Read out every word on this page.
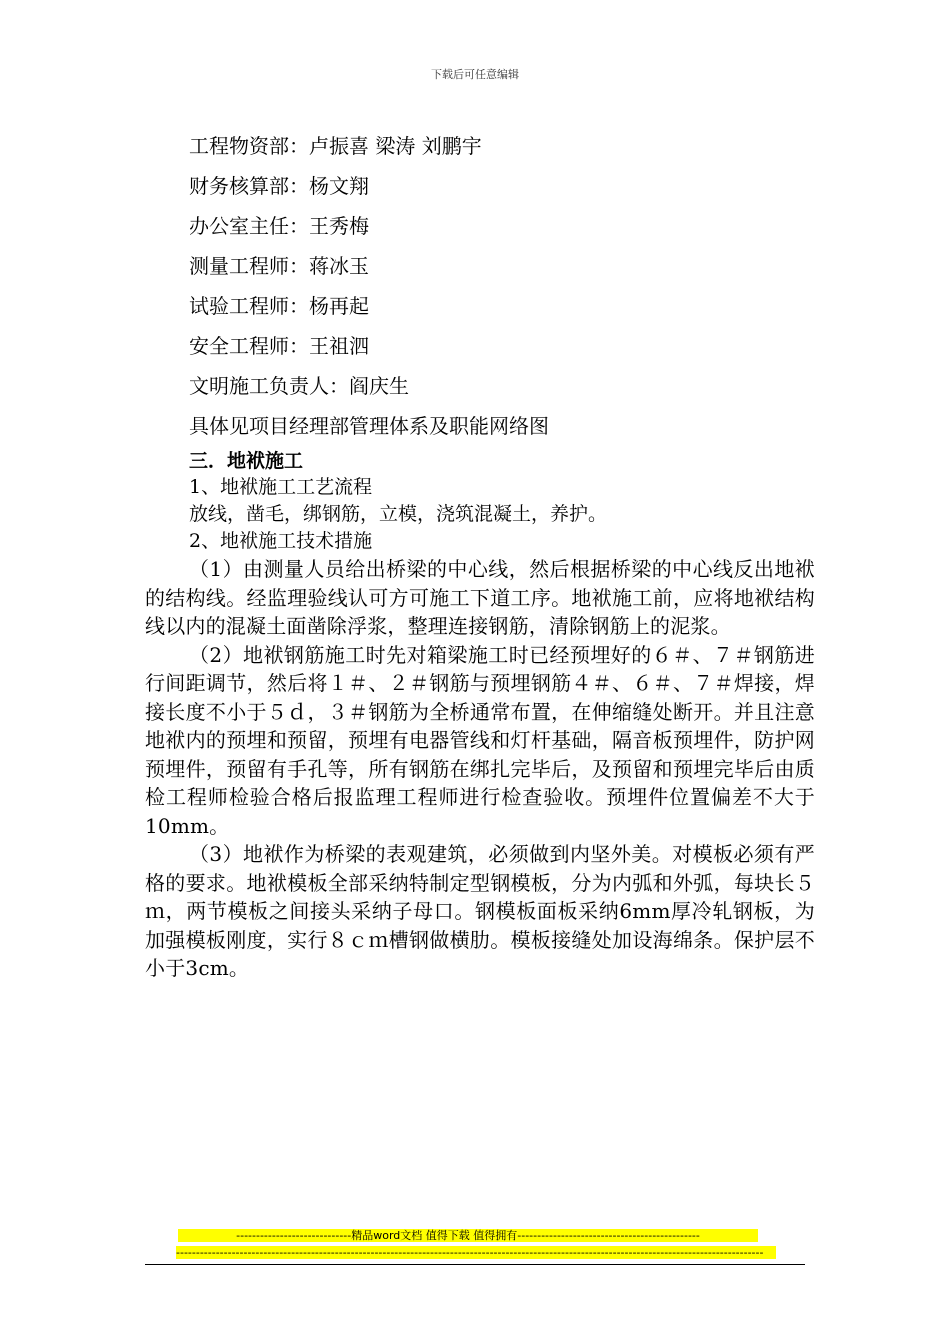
下载后可任意编辑
工程物资部：卢振喜 梁涛 刘鹏宇
财务核算部：杨文翔
办公室主任：王秀梅
测量工程师：蒋冰玉
试验工程师：杨再起
安全工程师：王祖泗
文明施工负责人：阎庆生
具体见项目经理部管理体系及职能网络图
三．地袱施工
1、地袱施工工艺流程
放线，凿毛，绑钢筋，立模，浇筑混凝土，养护。
2、地袱施工技术措施

（1）由测量人员给出桥梁的中心线，然后根据桥梁的中心线反出地袱的结构线。经监理验线认可方可施工下道工序。地袱施工前，应将地袱结构线以内的混凝土面凿除浮浆，整理连接钢筋，清除钢筋上的泥浆。

（2）地袱钢筋施工时先对箱梁施工时已经预埋好的６＃、７＃钢筋进行间距调节，然后将１＃、２＃钢筋与预埋钢筋４＃、６＃、７＃焊接，焊接长度不小于５ｄ，３＃钢筋为全桥通常布置，在伸缩缝处断开。并且注意地袱内的预埋和预留，预埋有电器管线和灯杆基础，隔音板预埋件，防护网预埋件，预留有手孔等，所有钢筋在绑扎完毕后，及预留和预埋完毕后由质检工程师检验合格后报监理工程师进行检查验收。预埋件位置偏差不大于10mm。

（3）地袱作为桥梁的表观建筑，必须做到内坚外美。对模板必须有严格的要求。地袱模板全部采纳特制定型钢模板，分为内弧和外弧，每块长５ｍ，两节模板之间接头采纳子母口。钢模板面板采纳6mm厚冷轧钢板，为加强模板刚度，实行８ｃｍ槽钢做横肋。模板接缝处加设海绵条。保护层不小于3cm。

-----------------------------精品word文档 值得下载 值得拥有----------------------------------------------
----------------------------------------------------------------------------------------------------------------------------------------------------
